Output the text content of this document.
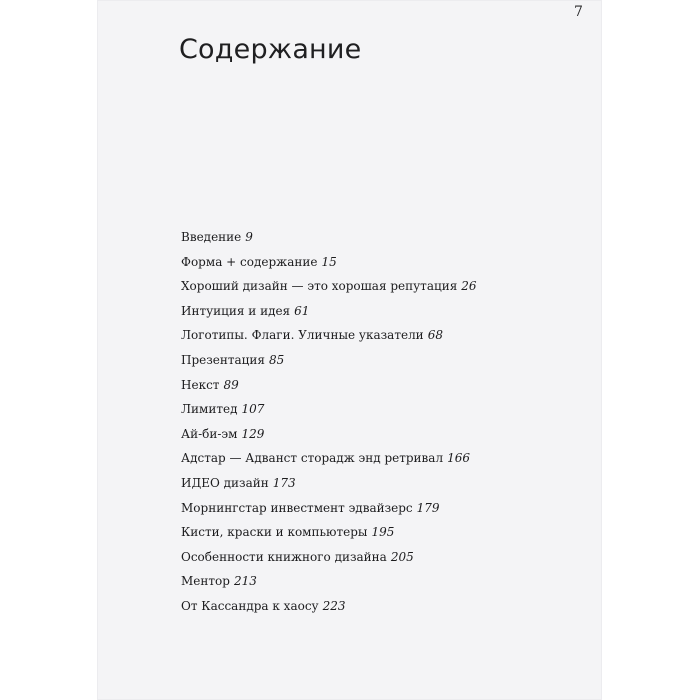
7
Содержание
Введение 9
Форма + содержание 15
Хороший дизайн — это хорошая репутация 26
Интуиция и идея 61
Логотипы. Флаги. Уличные указатели 68
Презентация 85
Некст 89
Лимитед 107
Ай-би-эм 129
Адстар — Адванст сторадж энд ретривал 166
ИДЕО дизайн 173
Морнингстар инвестмент эдвайзерс 179
Кисти, краски и компьютеры 195
Особенности книжного дизайна 205
Ментор 213
От Кассандра к хаосу 223
